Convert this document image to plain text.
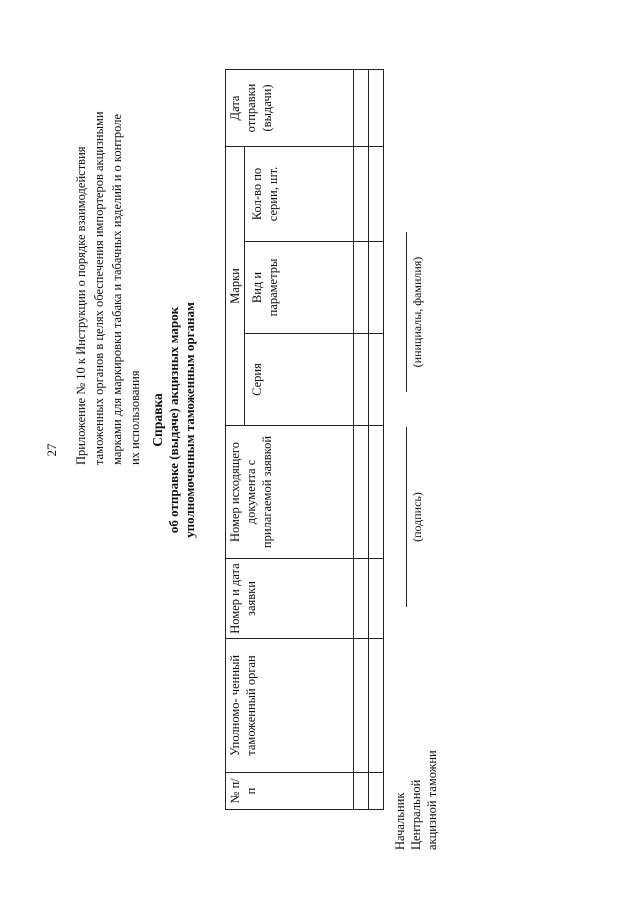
27 Приложение № 10 к Инструкции о порядке взаимодействия таможенных органов в целях обеспечения импортеров акцизными марками для маркировки табака и табачных изделий и о контроле их использования Справка об отправке (выдаче) акцизных марок уполномоченным таможенным органам
№ п/п	Уполномо- ченный таможенный орган	Номер и дата заявки	Номер исходящего документа с прилагаемой заявкой	Марки			Дата отправки (выдачи)
				Серия	Вид и параметры	Кол-во по серии, шт.	

Начальник Центральной акцизной таможни
(подпись)
(инициалы, фамилия)
